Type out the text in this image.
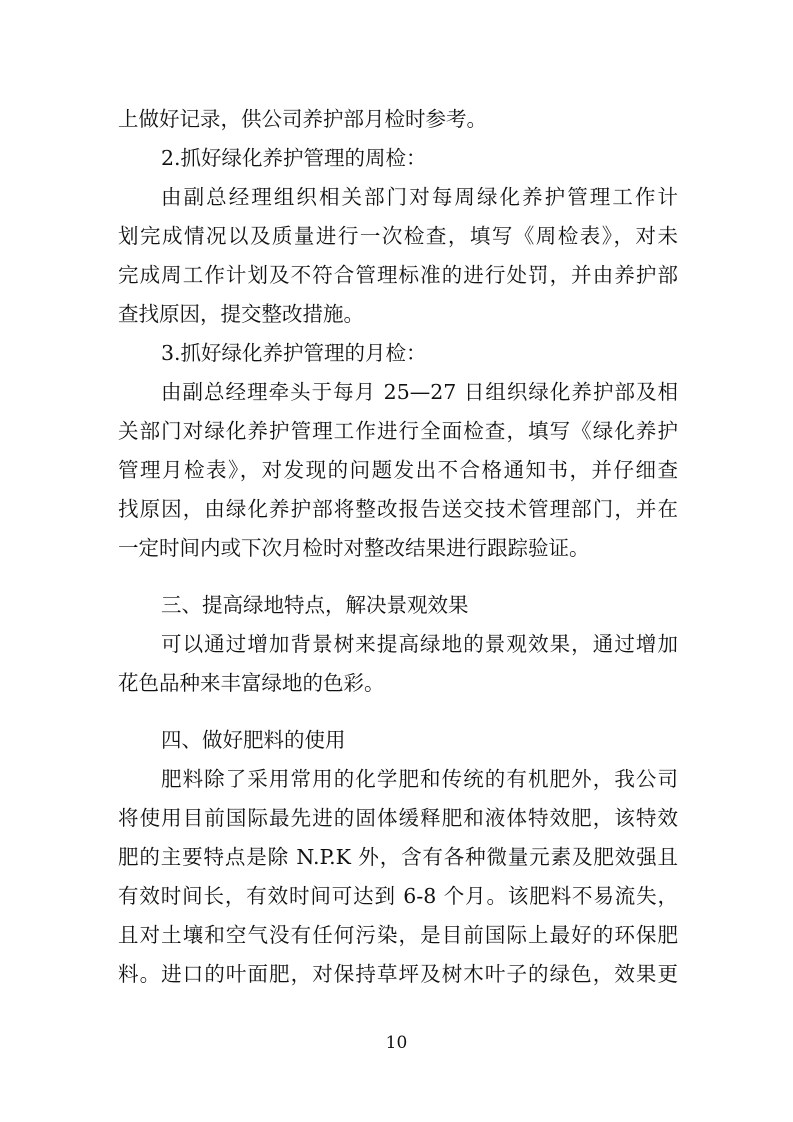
上做好记录，供公司养护部月检时参考。
2.抓好绿化养护管理的周检：
由副总经理组织相关部门对每周绿化养护管理工作计
划完成情况以及质量进行一次检查，填写《周检表》，对未
完成周工作计划及不符合管理标准的进行处罚，并由养护部
查找原因，提交整改措施。
3.抓好绿化养护管理的月检：
由副总经理牵头于每月 25—27 日组织绿化养护部及相
关部门对绿化养护管理工作进行全面检查，填写《绿化养护
管理月检表》，对发现的问题发出不合格通知书，并仔细查
找原因，由绿化养护部将整改报告送交技术管理部门，并在
一定时间内或下次月检时对整改结果进行跟踪验证。
三、提高绿地特点，解决景观效果
可以通过增加背景树来提高绿地的景观效果，通过增加
花色品种来丰富绿地的色彩。
四、做好肥料的使用
肥料除了采用常用的化学肥和传统的有机肥外，我公司
将使用目前国际最先进的固体缓释肥和液体特效肥，该特效
肥的主要特点是除 N.P.K 外，含有各种微量元素及肥效强且
有效时间长，有效时间可达到 6-8 个月。该肥料不易流失，
且对土壤和空气没有任何污染，是目前国际上最好的环保肥
料。进口的叶面肥，对保持草坪及树木叶子的绿色，效果更
10
